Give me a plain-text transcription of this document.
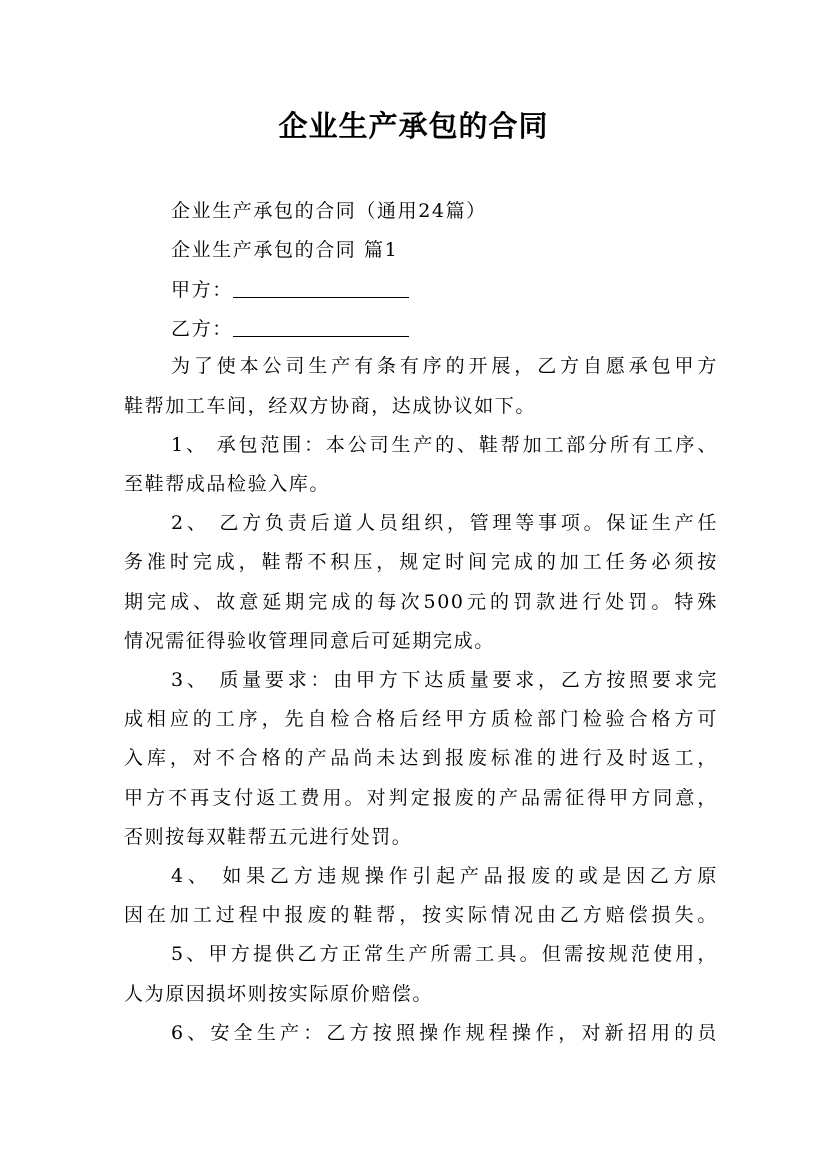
企业生产承包的合同
企业生产承包的合同（通用24篇）
企业生产承包的合同 篇1
甲方：
乙方：
为了使本公司生产有条有序的开展，乙方自愿承包甲方
鞋帮加工车间，经双方协商，达成协议如下。
1、 承包范围：本公司生产的、鞋帮加工部分所有工序、
至鞋帮成品检验入库。
2、 乙方负责后道人员组织，管理等事项。保证生产任
务准时完成，鞋帮不积压，规定时间完成的加工任务必须按
期完成、故意延期完成的每次500元的罚款进行处罚。特殊
情况需征得验收管理同意后可延期完成。
3、 质量要求：由甲方下达质量要求，乙方按照要求完
成相应的工序，先自检合格后经甲方质检部门检验合格方可
入库，对不合格的产品尚未达到报废标准的进行及时返工，
甲方不再支付返工费用。对判定报废的产品需征得甲方同意，
否则按每双鞋帮五元进行处罚。
4、 如果乙方违规操作引起产品报废的或是因乙方原
因在加工过程中报废的鞋帮，按实际情况由乙方赔偿损失。
5、甲方提供乙方正常生产所需工具。但需按规范使用，
人为原因损坏则按实际原价赔偿。
6、安全生产：乙方按照操作规程操作，对新招用的员
